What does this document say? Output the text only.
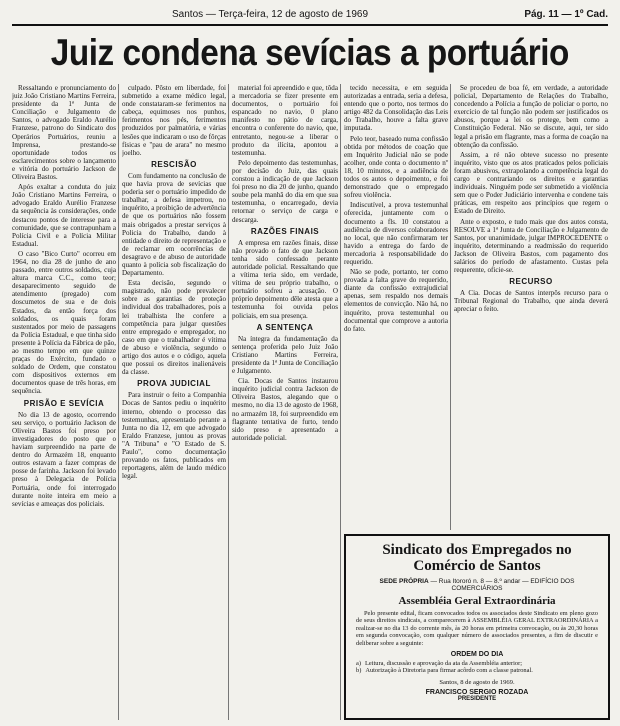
Santos — Terça-feira, 12 de agosto de 1969	Pág. 11 — 1º Cad.
Juiz condena sevícias a portuário

Ressaltando e pronunciamento do juiz João Cristiano Martins Ferreira, presidente da 1ª Junta de Conciliação e Julgamento de Santos, o advogado Eraldo Aurélio Franzese, patrono do Sindicato dos Operários Portuários, reuniu a Imprensa, prestando-se oportunidade todos os esclarecimentos sobre o lançamento e vitória do portuário Jackson de Oliveira Bastos.

Após exaltar a conduta do juiz João Cristiano Martins Ferreira, o advogado Eraldo Aurélio Franzese da sequência às considerações, onde destacou pontos de interesse para a comunidade, que se contrapunham a Polícia Civil e a Polícia Militar Estadual.

O caso "Bico Curto" ocorreu em 1964, no dia 28 de junho de ano passado, entre outros soldados, cuja altura marca C.C., como teor; desaparecimento seguido de atendimento (pregado) com doscumetos de sua e de dois Estados, da então força dos soldados, os quais foram sustentados por meio de passagens da Polícia Estadual, e que tinha sido presente à Polícia da Fábrica de pão, ao mesmo tempo em que quinze praças do Exército, fundado o soldado de Ordem, que constatou com dispositivos externos em documentos quase de três horas, em sequência.

PRISÃO E SEVÍCIA

No dia 13 de agosto, ocorrendo seu serviço, o portuário Jackson de Oliveira Bastos foi preso por investigadores do posto que o haviam surpreendido na parte de dentro do Armazém 18, enquanto outros estavam a fazer compras de posse de farinha. Jackson foi levado preso à Delegacia de Polícia Portuária, onde foi interrogado durante noite inteira em meio a sevícias e ameaças dos policiais.

culpado. Pôsto em liberdade, foi submetido a exame médico legal, onde constataram-se ferimentos na cabeça, equimoses nos punhos, ferimentos nos pés, ferimentos produzidos por palmatória, e várias lesões que indicaram o uso de fôrças físicas e "pau de arara" no mesmo joelho.

RESCISÃO

Com fundamento na conclusão de que havia prova de sevícias que poderia ser o portuário impedido de trabalhar, a defesa impetrou, no inquérito, a proibição de advertência de que os portuários não fossem mais obrigados a prestar serviços à Policia do Trabalho, dando à entidade o direito de representação e de reclamar em ocorrências de desagravo e de abuso de autoridade quanto à polícia sob fiscalização do Departamento.

Esta decisão, segundo o magistrado, não pode prevalecer sobre as garantias de proteção individual dos trabalhadores, pois a lei trabalhista lhe confere a competência para julgar questões entre empregado e empregador, no caso em que o trabalhador é vítima de abuso e violência, segundo o artigo dos autos e o código, aquela que possui os direitos inalienáveis da classe.

PROVA JUDICIAL

Para instruir o feito a Companhia Docas de Santos pediu o inquérito interno, obtendo o processo das testemunhas, apresentado perante a Junta no dia 12, em que advogado Eraldo Franzese, juntou as provas "A Tribuna" e "O Estado de S. Paulo", como documentação provando os fatos, publicados em reportagens, além de laudo médico legal.

material foi apreendido e que, tôda a mercadoria se fizer presente em documentos, o portuário foi espancado no navio, 0 plano manifesto no pátio de carga, encontra o conferente do navio, que, entretanto, negou-se a liberar o produto da ilícita, apontou a testemunha.

Pelo depoimento das testemunhas, por decisão do Juiz, das quais constou a indicação de que Jackson foi preso no dia 20 de junho, quando soube pela manhã do dia em que sua testemunha, o encarregado, devia retornar o serviço de carga e descarga.

RAZÕES FINAIS

A empresa em razões finais, disse não provado o fato de que Jackson tenha sido confessado perante autoridade policial. Ressaltando que a vítima teria sido, em verdade, vítima de seu próprio trabalho, o portuário sofreu a acusação. O próprio depoimento dêle atesta que a testemunha foi ouvida pelos policiais, em sua presença.

A SENTENÇA

Na íntegra da fundamentação da sentença proferida pelo Juiz João Cristiano Martins Ferreira, presidente da 1ª Junta de Conciliação e Julgamento.

Cia. Docas de Santos instaurou inquérito judicial contra Jackson de Oliveira Bastos, alegando que o mesmo, no dia 13 de agosto de 1968, no armazém 18, foi surpreendido em flagrante tentativa de furto, tendo sido preso e apresentado a autoridade policial.

tecido necessita, e em seguida autorizadas a entrada, seria a defesa, entendo que o porto, nos termos do artigo 482 da Consolidação das Leis do Trabalho, houve a falta grave imputada.

Pelo teor, baseado numa confissão obtida por métodos de coação que em Inquérito Judicial não se pode acolher, onde conta o documento nº 18, 10 minutos, e a audiência de todos os autos o depoimento, e foi demonstrado que o empregado sofreu violência.

Indiscutível, a prova testemunhal oferecida, juntamente com o documento a fls. 10 constatou a audiência de diversos colaboradores no local, que não confirmaram ter havido a entrega do fardo de mercadoria à responsabilidade do requerido.

Não se pode, portanto, ter como provada a falta grave do requerido, diante da confissão extrajudicial apenas, sem respaldo nos demais elementos de convicção. Não há, no inquérito, prova testemunhal ou documental que comprove a autoria do fato.

Se procedeu de boa fé, em verdade, a autoridade policial, Departamento de Relações do Trabalho, concedendo a Polícia a função de policiar o porto, no exercício de tal função não podem ser justificados os abusos, porque a lei os protege, bem como a Constituição Federal. Não se discute, aqui, ter sido legal a prisão em flagrante, mas a forma de coação na obtenção da confissão.

Assim, a ré não obteve sucesso no presente inquérito, visto que os atos praticados pelos policiais foram abusivos, extrapolando a competência legal do cargo e contrariando os direitos e garantias individuais. Ninguém pode ser submetido a violência sem que o Poder Judiciário intervenha e condene tais práticas, em respeito aos princípios que regem o Estado de Direito.

Ante o exposto, e tudo mais que dos autos consta, RESOLVE a 1ª Junta de Conciliação e Julgamento de Santos, por unanimidade, julgar IMPROCEDENTE o inquérito, determinando a readmissão do requerido Jackson de Oliveira Bastos, com pagamento dos salários do período de afastamento. Custas pela requerente, oficie-se.

RECURSO

A Cia. Docas de Santos interpôs recurso para o Tribunal Regional do Trabalho, que ainda deverá apreciar o feito.

Sindicato dos Empregados no Comércio de Santos
SEDE PRÓPRIA — Rua Itororó n. 8 — 8.º andar — EDIFÍCIO DOS COMERCIÁRIOS
Assembléia Geral Extraordinária
Pelo presente edital, ficam convocados todos os associados deste Sindicato em pleno gozo de seus direitos sindicais, a comparecerem à ASSEMBLÉIA GERAL EXTRAORDINÁRIA a realizar-se no dia 13 do corrente mês, às 20 horas em primeira convocação, ou às 20,30 horas em segunda convocação, com qualquer número de associados presentes, a fim de discutir e deliberar sobre a seguinte:
ORDEM DO DIA
a) Leitura, discussão e aprovação da ata da Assembléia anterior;
b) Autorização à Diretoria para firmar acôrdo com a classe patronal.
Santos, 8 de agosto de 1969.
FRANCISCO SERGIO ROZADA
PRESIDENTE
